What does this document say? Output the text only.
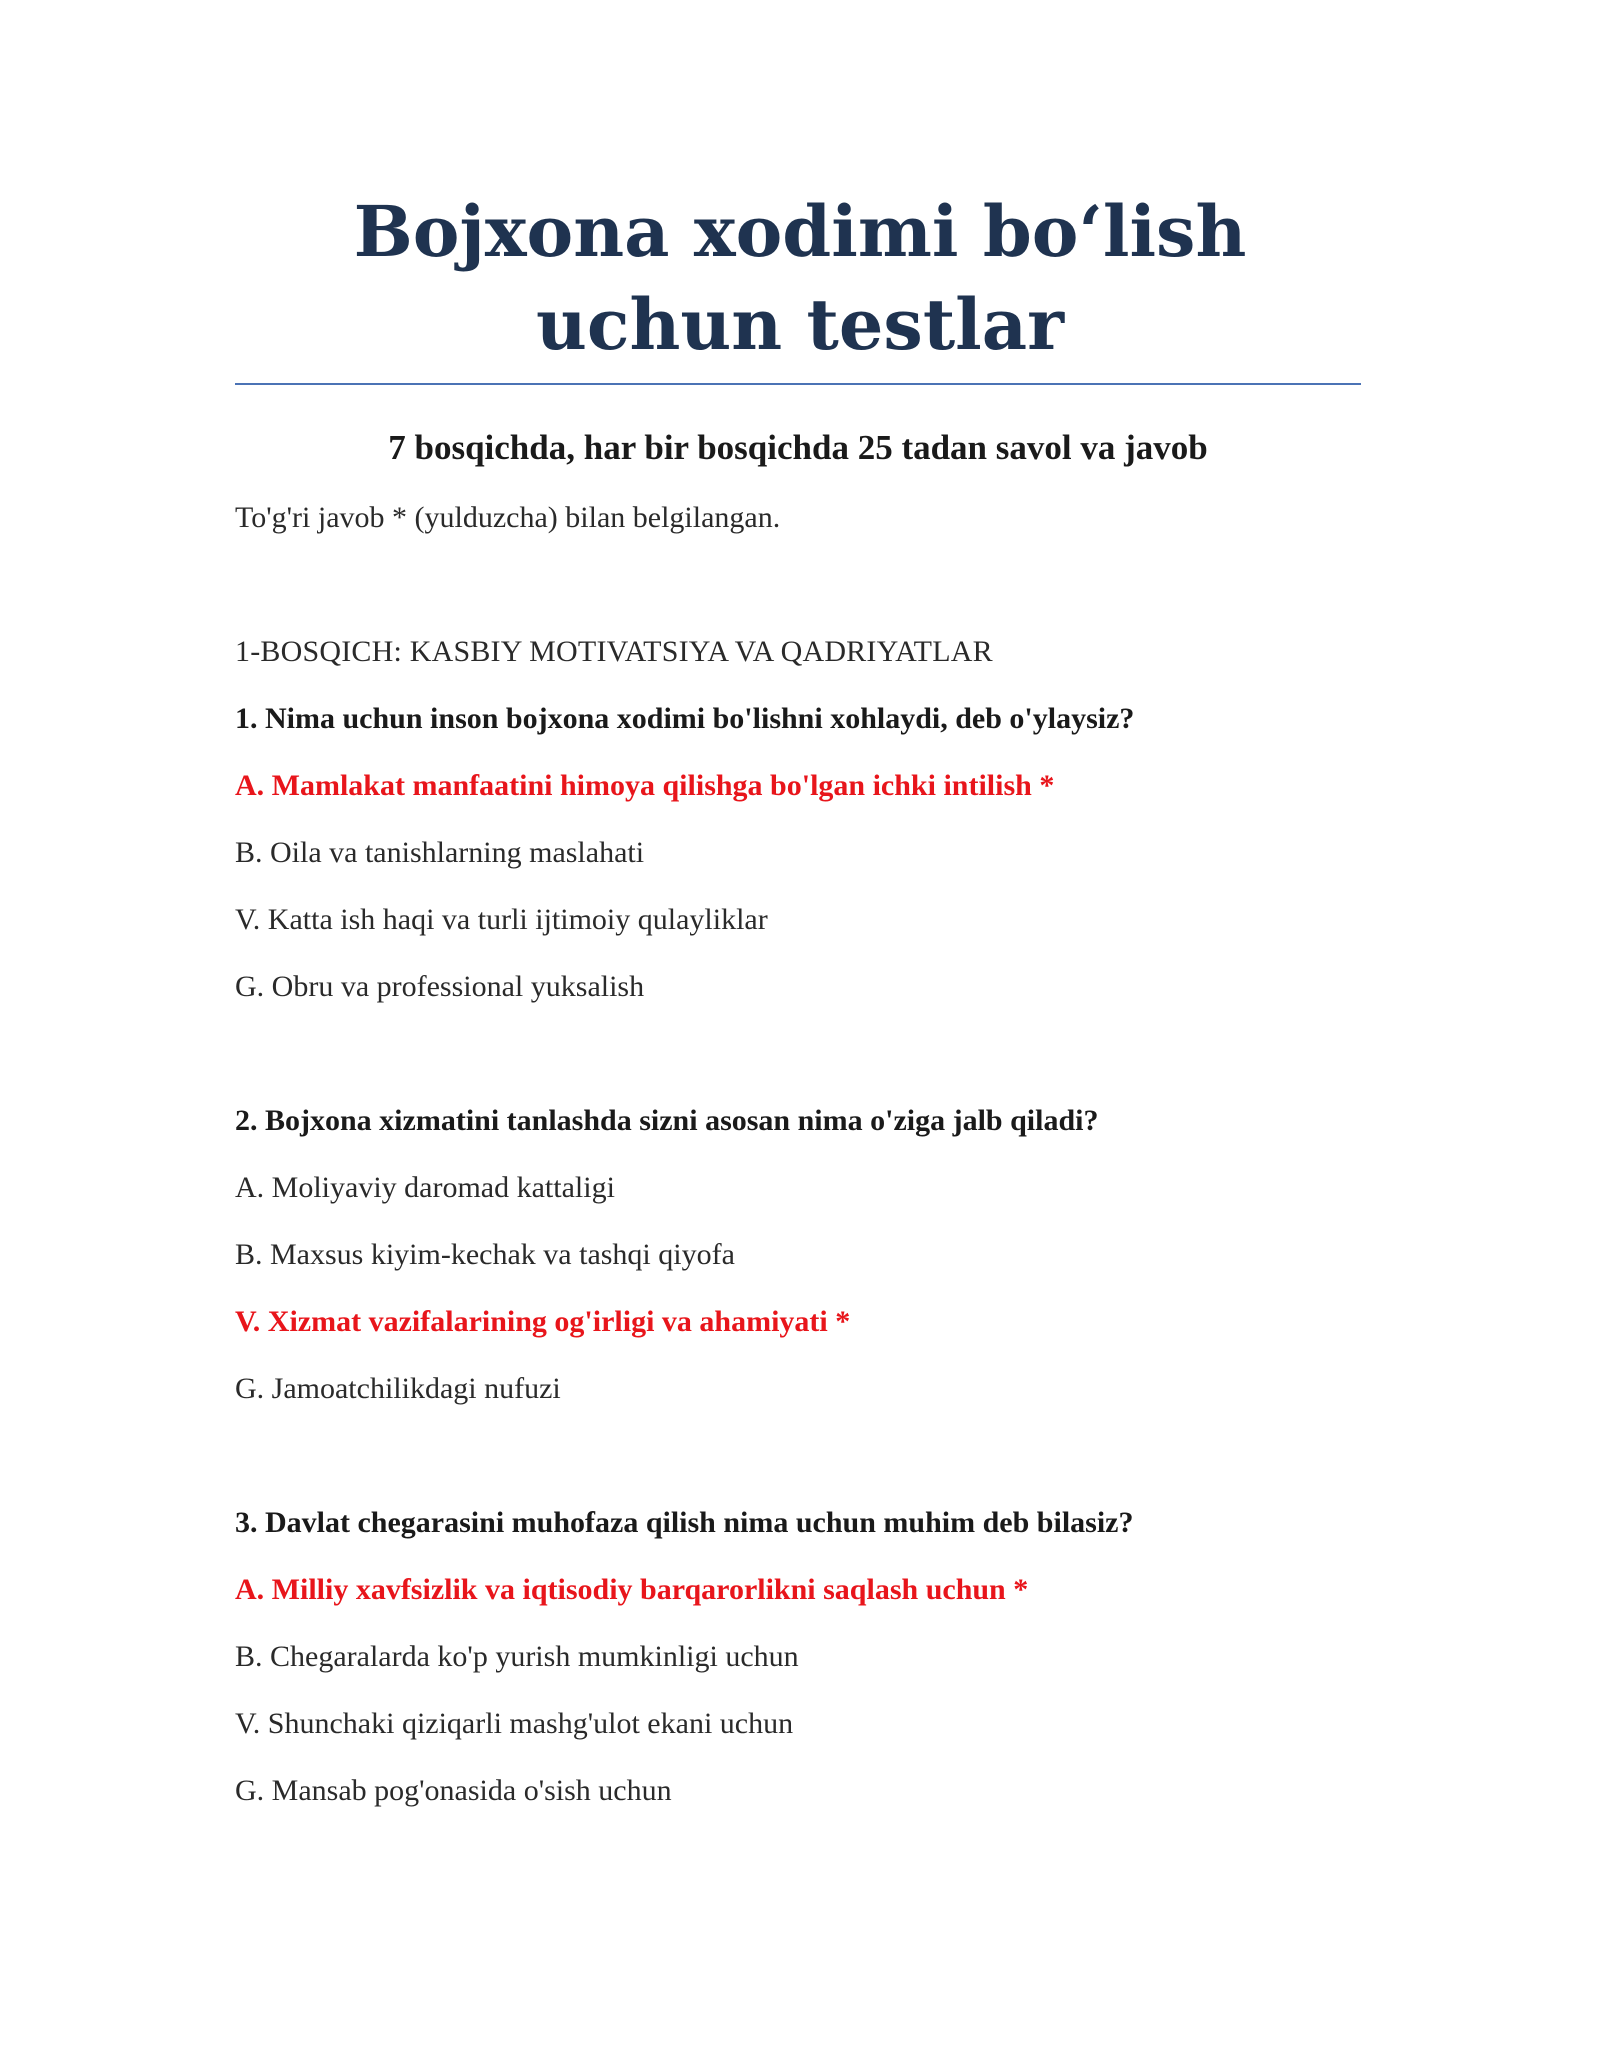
Bojxona xodimi bo‘lish uchun testlar

7 bosqichda, har bir bosqichda 25 tadan savol va javob

To'g'ri javob * (yulduzcha) bilan belgilangan.

1-BOSQICH: KASBIY MOTIVATSIYA VA QADRIYATLAR

1. Nima uchun inson bojxona xodimi bo'lishni xohlaydi, deb o'ylaysiz?

A. Mamlakat manfaatini himoya qilishga bo'lgan ichki intilish *

B. Oila va tanishlarning maslahati

V. Katta ish haqi va turli ijtimoiy qulayliklar

G. Obru va professional yuksalish

2. Bojxona xizmatini tanlashda sizni asosan nima o'ziga jalb qiladi?

A. Moliyaviy daromad kattaligi

B. Maxsus kiyim-kechak va tashqi qiyofa

V. Xizmat vazifalarining og'irligi va ahamiyati *

G. Jamoatchilikdagi nufuzi

3. Davlat chegarasini muhofaza qilish nima uchun muhim deb bilasiz?

A. Milliy xavfsizlik va iqtisodiy barqarorlikni saqlash uchun *

B. Chegaralarda ko'p yurish mumkinligi uchun

V. Shunchaki qiziqarli mashg'ulot ekani uchun

G. Mansab pog'onasida o'sish uchun
